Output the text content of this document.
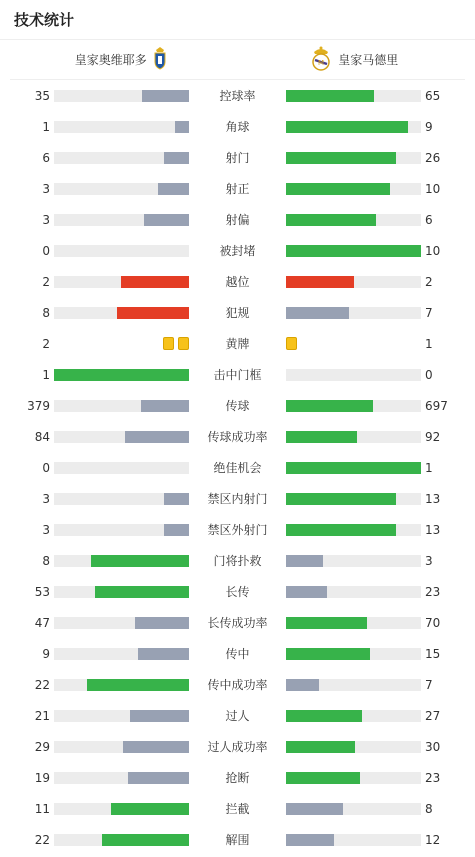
技术统计
皇家奥维耶多	M 皇家马德里
35	控球率	65
1	角球	9
6	射门	26
3	射正	10
3	射偏	6
0	被封堵	10
2	越位	2
8	犯规	7
2	黄牌	1
1	击中门框	0
379	传球	697
84	传球成功率	92
0	绝佳机会	1
3	禁区内射门	13
3	禁区外射门	13
8	门将扑救	3
53	长传	23
47	长传成功率	70
9	传中	15
22	传中成功率	7
21	过人	27
29	过人成功率	30
19	抢断	23
11	拦截	8
22	解围	12
